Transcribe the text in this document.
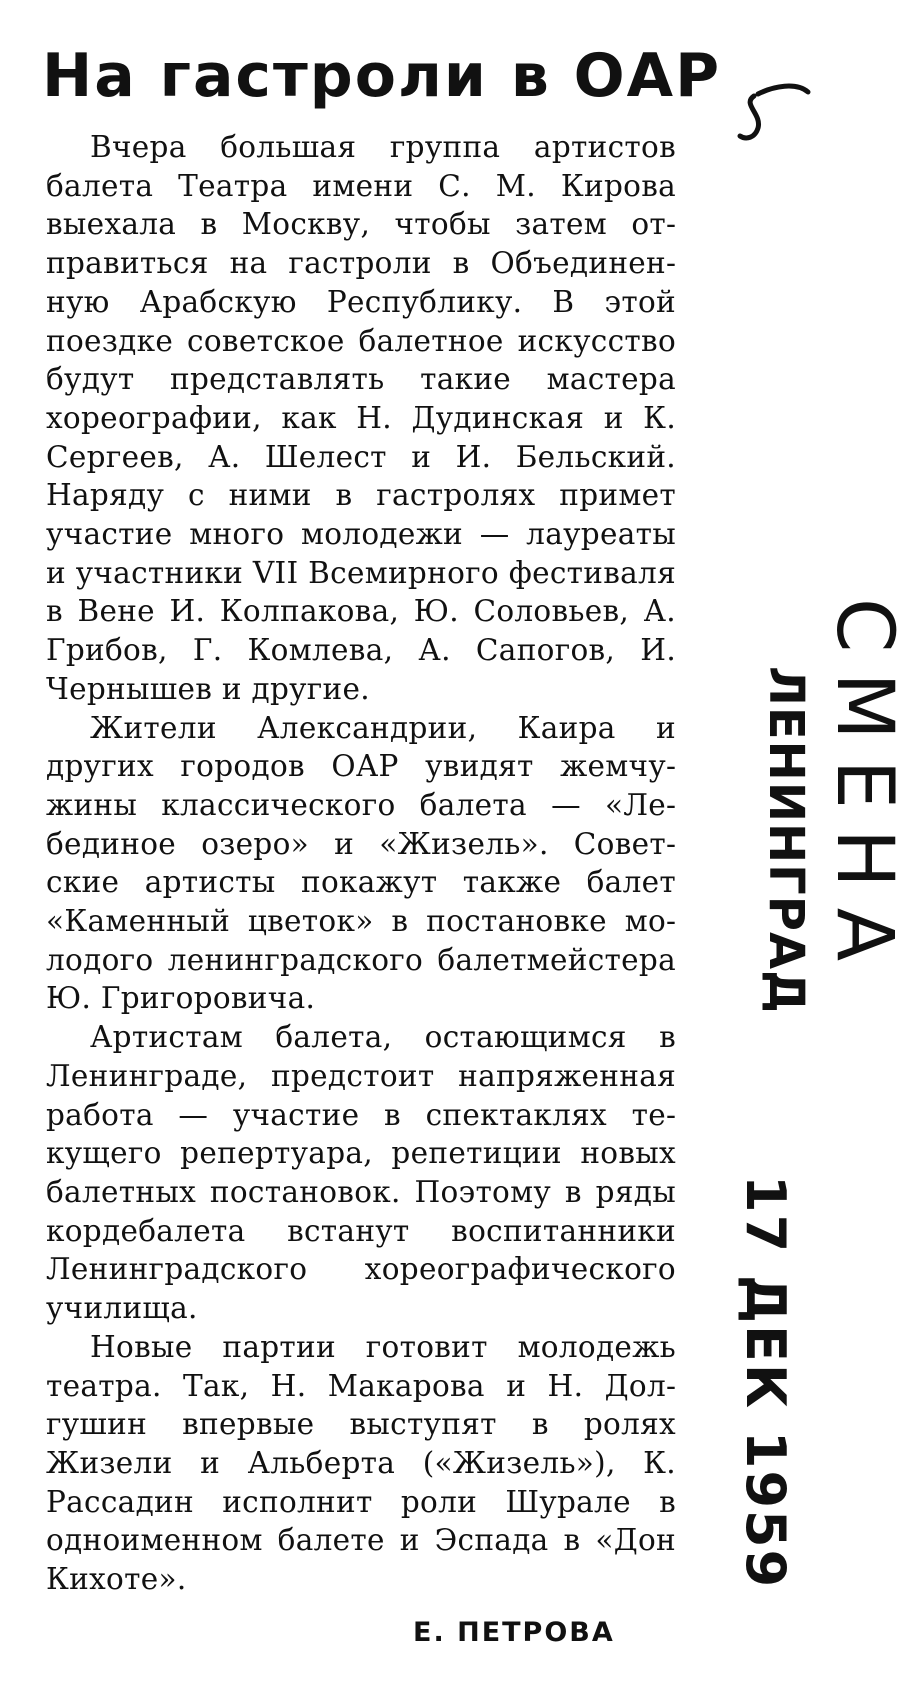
На гастроли в ОАР

Вчера большая группа артистов балета Театра имени С. М. Кирова выехала в Москву, чтобы затем отправиться на гастроли в Объединенную Арабскую Республику. В этой поездке советское балетное искусство будут представлять такие мастера хореографии, как Н. Дудинская и К. Сергеев, А. Шелест и И. Бельский. Наряду с ними в гастролях примет участие много молодежи — лауреаты и участники VII Всемирного фестиваля в Вене И. Колпакова, Ю. Соловьев, А. Грибов, Г. Комлева, А. Сапогов, И. Чернышев и другие.

Жители Александрии, Каира и других городов ОАР увидят жемчужины классического балета — «Лебединое озеро» и «Жизель». Советские артисты покажут также балет «Каменный цветок» в постановке молодого ленинградского балетмейстера Ю. Григоровича.

Артистам балета, остающимся в Ленинграде, предстоит напряженная работа — участие в спектаклях текущего репертуара, репетиции новых балетных постановок. Поэтому в ряды кордебалета встанут воспитанники Ленинградского хореографического училища.

Новые партии готовит молодежь театра. Так, Н. Макарова и Н. Долгушин впервые выступят в ролях Жизели и Альберта («Жизель»), К. Рассадин исполнит роли Шурале в одноименном балете и Эспада в «Дон Кихоте».

Е. ПЕТРОВА
СМЕНА
ЛЕНИНГРАД
17 ДЕК 1959
